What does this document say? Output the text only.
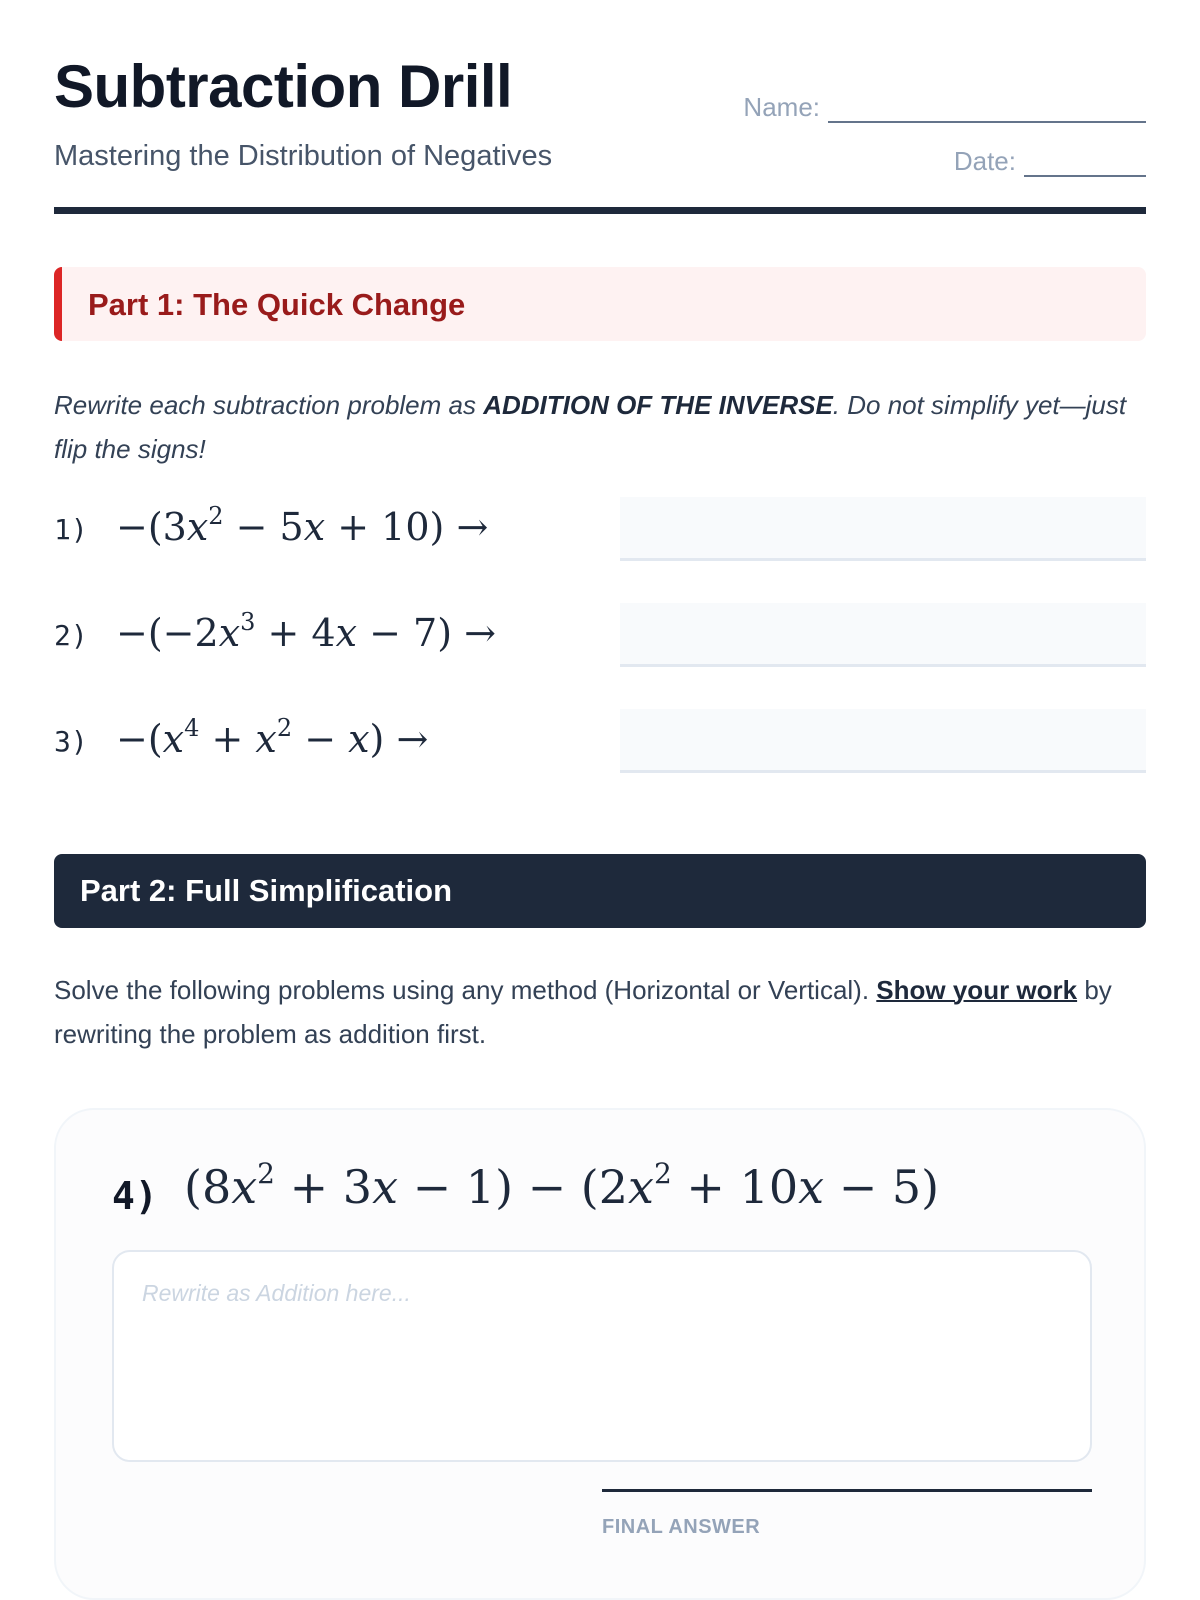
Subtraction Drill
Mastering the Distribution of Negatives
Name:
Date:
Part 1: The Quick Change
Rewrite each subtraction problem as ADDITION OF THE INVERSE. Do not simplify yet—just flip the signs!
$1) -(3x^2 - 5x + 10)$ →
$2) -(-2x^3 + 4x - 7)$ →
$3) -(x^4 + x^2 - x)$ →
Part 2: Full Simplification
Solve the following problems using any method (Horizontal or Vertical). Show your work by rewriting the problem as addition first.
4) $(8x^2 + 3x - 1) - (2x^2 + 10x - 5)$
Rewrite as Addition here...
FINAL ANSWER
